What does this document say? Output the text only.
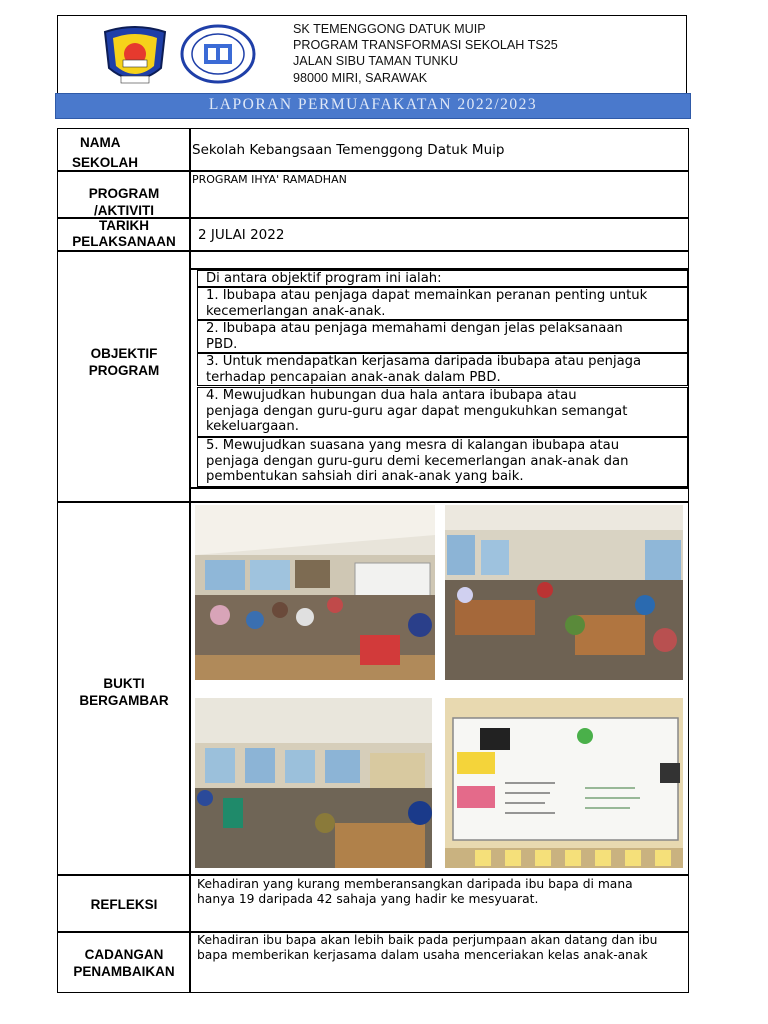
SK TEMENGGONG DATUK MUIP
PROGRAM TRANSFORMASI SEKOLAH TS25
JALAN SIBU TAMAN TUNKU
98000 MIRI, SARAWAK
LAPORAN PERMUAFAKATAN 2022/2023
NAMA
SEKOLAH
Sekolah Kebangsaan Temenggong Datuk Muip
PROGRAM
/AKTIVITI
PROGRAM IHYA' RAMADHAN
TARIKH
PELAKSANAAN	2 JULAI 2022
OBJEKTIF
PROGRAM
Di antara objektif program ini ialah:
1. Ibubapa atau penjaga dapat memainkan peranan penting untuk
kecemerlangan anak-anak.
2. Ibubapa atau penjaga memahami dengan jelas pelaksanaan
PBD.
3. Untuk mendapatkan kerjasama daripada ibubapa atau penjaga
terhadap pencapaian anak-anak dalam PBD.
4. Mewujudkan hubungan dua hala antara ibubapa atau
penjaga dengan guru-guru agar dapat mengukuhkan semangat
kekeluargaan.
5. Mewujudkan suasana yang mesra di kalangan ibubapa atau
penjaga dengan guru-guru demi kecemerlangan anak-anak dan
pembentukan sahsiah diri anak-anak yang baik.
BUKTI
BERGAMBAR
REFLEKSI
Kehadiran yang kurang memberansangkan daripada ibu bapa di mana
hanya 19 daripada 42 sahaja yang hadir ke mesyuarat.
CADANGAN
PENAMBAIKAN
Kehadiran ibu bapa akan lebih baik pada perjumpaan akan datang dan ibu
bapa memberikan kerjasama dalam usaha menceriakan kelas anak-anak
